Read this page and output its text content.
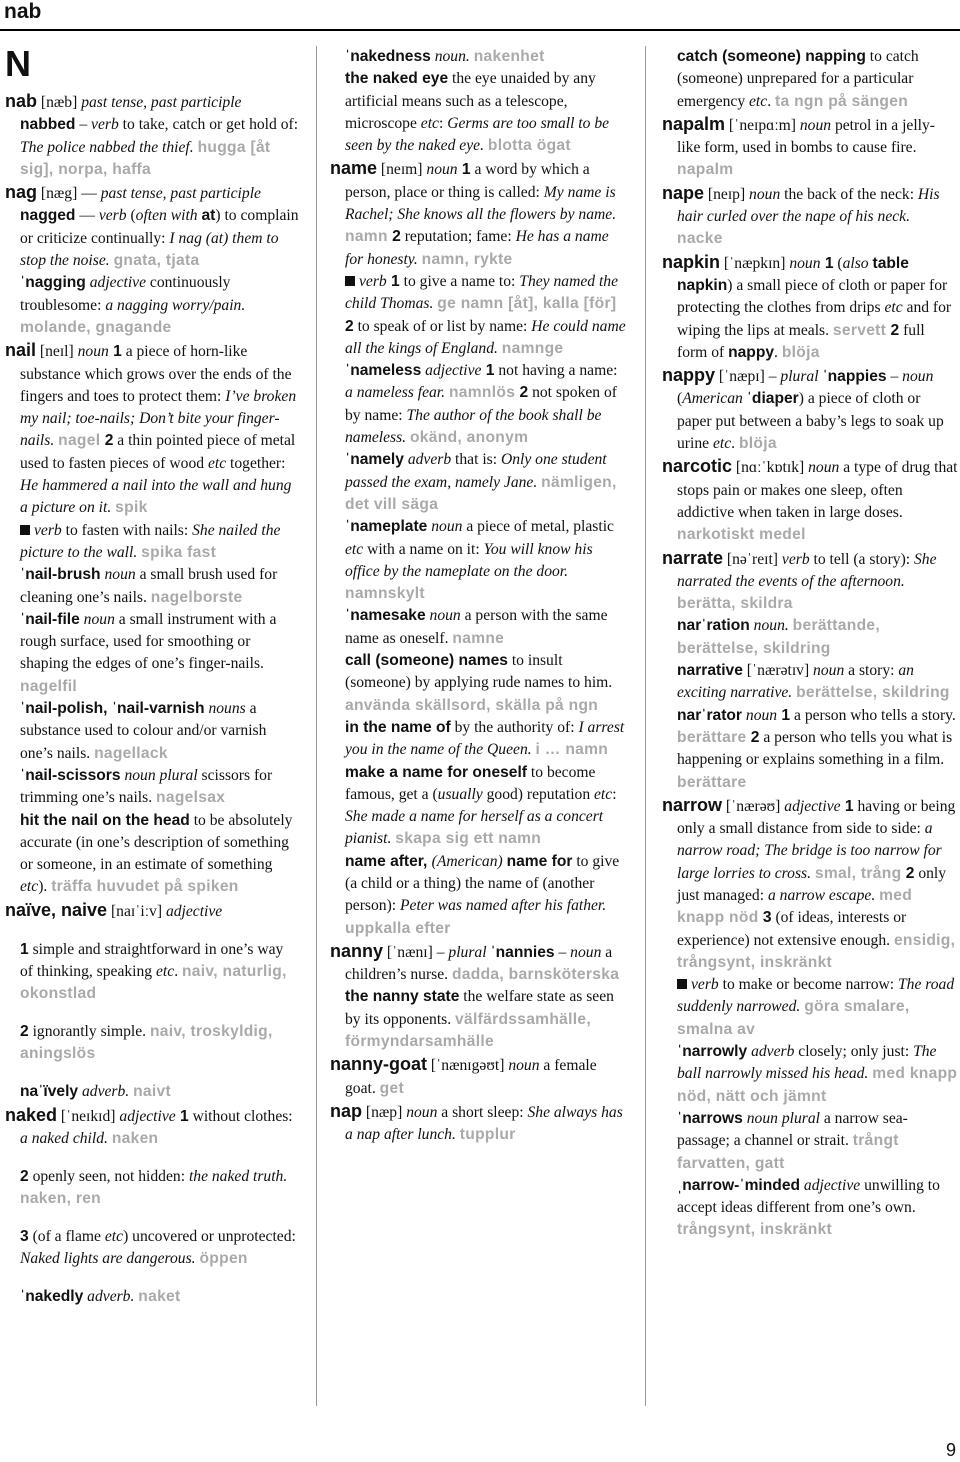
nab
N

nab [næb] past tense, past participle nabbed – verb to take, catch or get hold of: The police nabbed the thief. hugga [åt sig], norpa, haffa

nag [næg] — past tense, past participle nagged — verb (often with at) to complain or criticize continually: I nag (at) them to stop the noise. gnata, tjata

ˈnagging adjective continuously troublesome: a nagging worry/pain. molande, gnagande

nail [neɪl] noun 1 a piece of horn-like substance which grows over the ends of the fingers and toes to protect them: I’ve broken my nail; toe-nails; Don’t bite your finger-nails. nagel 2 a thin pointed piece of metal used to fasten pieces of wood etc together: He hammered a nail into the wall and hung a picture on it. spik

verb to fasten with nails: She nailed the picture to the wall. spika fast

ˈnail-brush noun a small brush used for cleaning one’s nails. nagelborste

ˈnail-file noun a small instrument with a rough surface, used for smoothing or shaping the edges of one’s finger-nails. nagelfil

ˈnail-polish, ˈnail-varnish nouns a substance used to colour and/or varnish one’s nails. nagellack

ˈnail-scissors noun plural scissors for trimming one’s nails. nagelsax

hit the nail on the head to be absolutely accurate (in one’s description of something or someone, in an estimate of something etc). träffa huvudet på spiken

naïve, naive [naɪˈiːv] adjective

1 simple and straightforward in one’s way of thinking, speaking etc. naiv, naturlig, okonstlad

2 ignorantly simple. naiv, troskyldig, aningslös

naˈïvely adverb. naivt

naked [ˈneɪkɪd] adjective 1 without clothes: a naked child. naken

2 openly seen, not hidden: the naked truth. naken, ren

3 (of a flame etc) uncovered or unprotected: Naked lights are dangerous. öppen

ˈnakedly adverb. naket

ˈnakedness noun. nakenhet

the naked eye the eye unaided by any artificial means such as a telescope, microscope etc: Germs are too small to be seen by the naked eye. blotta ögat

name [neɪm] noun 1 a word by which a person, place or thing is called: My name is Rachel; She knows all the flowers by name. namn 2 reputation; fame: He has a name for honesty. namn, rykte

verb 1 to give a name to: They named the child Thomas. ge namn [åt], kalla [för] 2 to speak of or list by name: He could name all the kings of England. namnge

ˈnameless adjective 1 not having a name: a nameless fear. namnlös 2 not spoken of by name: The author of the book shall be nameless. okänd, anonym

ˈnamely adverb that is: Only one student passed the exam, namely Jane. nämligen, det vill säga

ˈnameplate noun a piece of metal, plastic etc with a name on it: You will know his office by the nameplate on the door. namnskylt

ˈnamesake noun a person with the same name as oneself. namne

call (someone) names to insult (someone) by applying rude names to him. använda skällsord, skälla på ngn

in the name of by the authority of: I arrest you in the name of the Queen. i … namn

make a name for oneself to become famous, get a (usually good) reputation etc: She made a name for herself as a concert pianist. skapa sig ett namn

name after, (American) name for to give (a child or a thing) the name of (another person): Peter was named after his father. uppkalla efter

nanny [ˈnænɪ] – plural ˈnannies – noun a children’s nurse. dadda, barnsköterska

the nanny state the welfare state as seen by its opponents. välfärdssamhälle, förmyndarsamhälle

nanny-goat [ˈnænɪgəʊt] noun a female goat. get

nap [næp] noun a short sleep: She always has a nap after lunch. tupplur

catch (someone) napping to catch (someone) unprepared for a particular emergency etc. ta ngn på sängen

napalm [ˈneɪpɑːm] noun petrol in a jelly-like form, used in bombs to cause fire. napalm

nape [neɪp] noun the back of the neck: His hair curled over the nape of his neck. nacke

napkin [ˈnæpkɪn] noun 1 (also table napkin) a small piece of cloth or paper for protecting the clothes from drips etc and for wiping the lips at meals. servett 2 full form of nappy. blöja

nappy [ˈnæpɪ] – plural ˈnappies – noun (American ˈdiaper) a piece of cloth or paper put between a baby’s legs to soak up urine etc. blöja

narcotic [nɑːˈkɒtɪk] noun a type of drug that stops pain or makes one sleep, often addictive when taken in large doses. narkotiskt medel

narrate [nəˈreɪt] verb to tell (a story): She narrated the events of the afternoon. berätta, skildra

narˈration noun. berättande, berättelse, skildring

narrative [ˈnærətɪv] noun a story: an exciting narrative. berättelse, skildring

narˈrator noun 1 a person who tells a story. berättare 2 a person who tells you what is happening or explains something in a film. berättare

narrow [ˈnærəʊ] adjective 1 having or being only a small distance from side to side: a narrow road; The bridge is too narrow for large lorries to cross. smal, trång 2 only just managed: a narrow escape. med knapp nöd 3 (of ideas, interests or experience) not extensive enough. ensidig, trångsynt, inskränkt

verb to make or become narrow: The road suddenly narrowed. göra smalare, smalna av

ˈnarrowly adverb closely; only just: The ball narrowly missed his head. med knapp nöd, nätt och jämnt

ˈnarrows noun plural a narrow sea-passage; a channel or strait. trångt farvatten, gatt

ˌnarrow-ˈminded adjective unwilling to accept ideas different from one’s own. trångsynt, inskränkt

9
